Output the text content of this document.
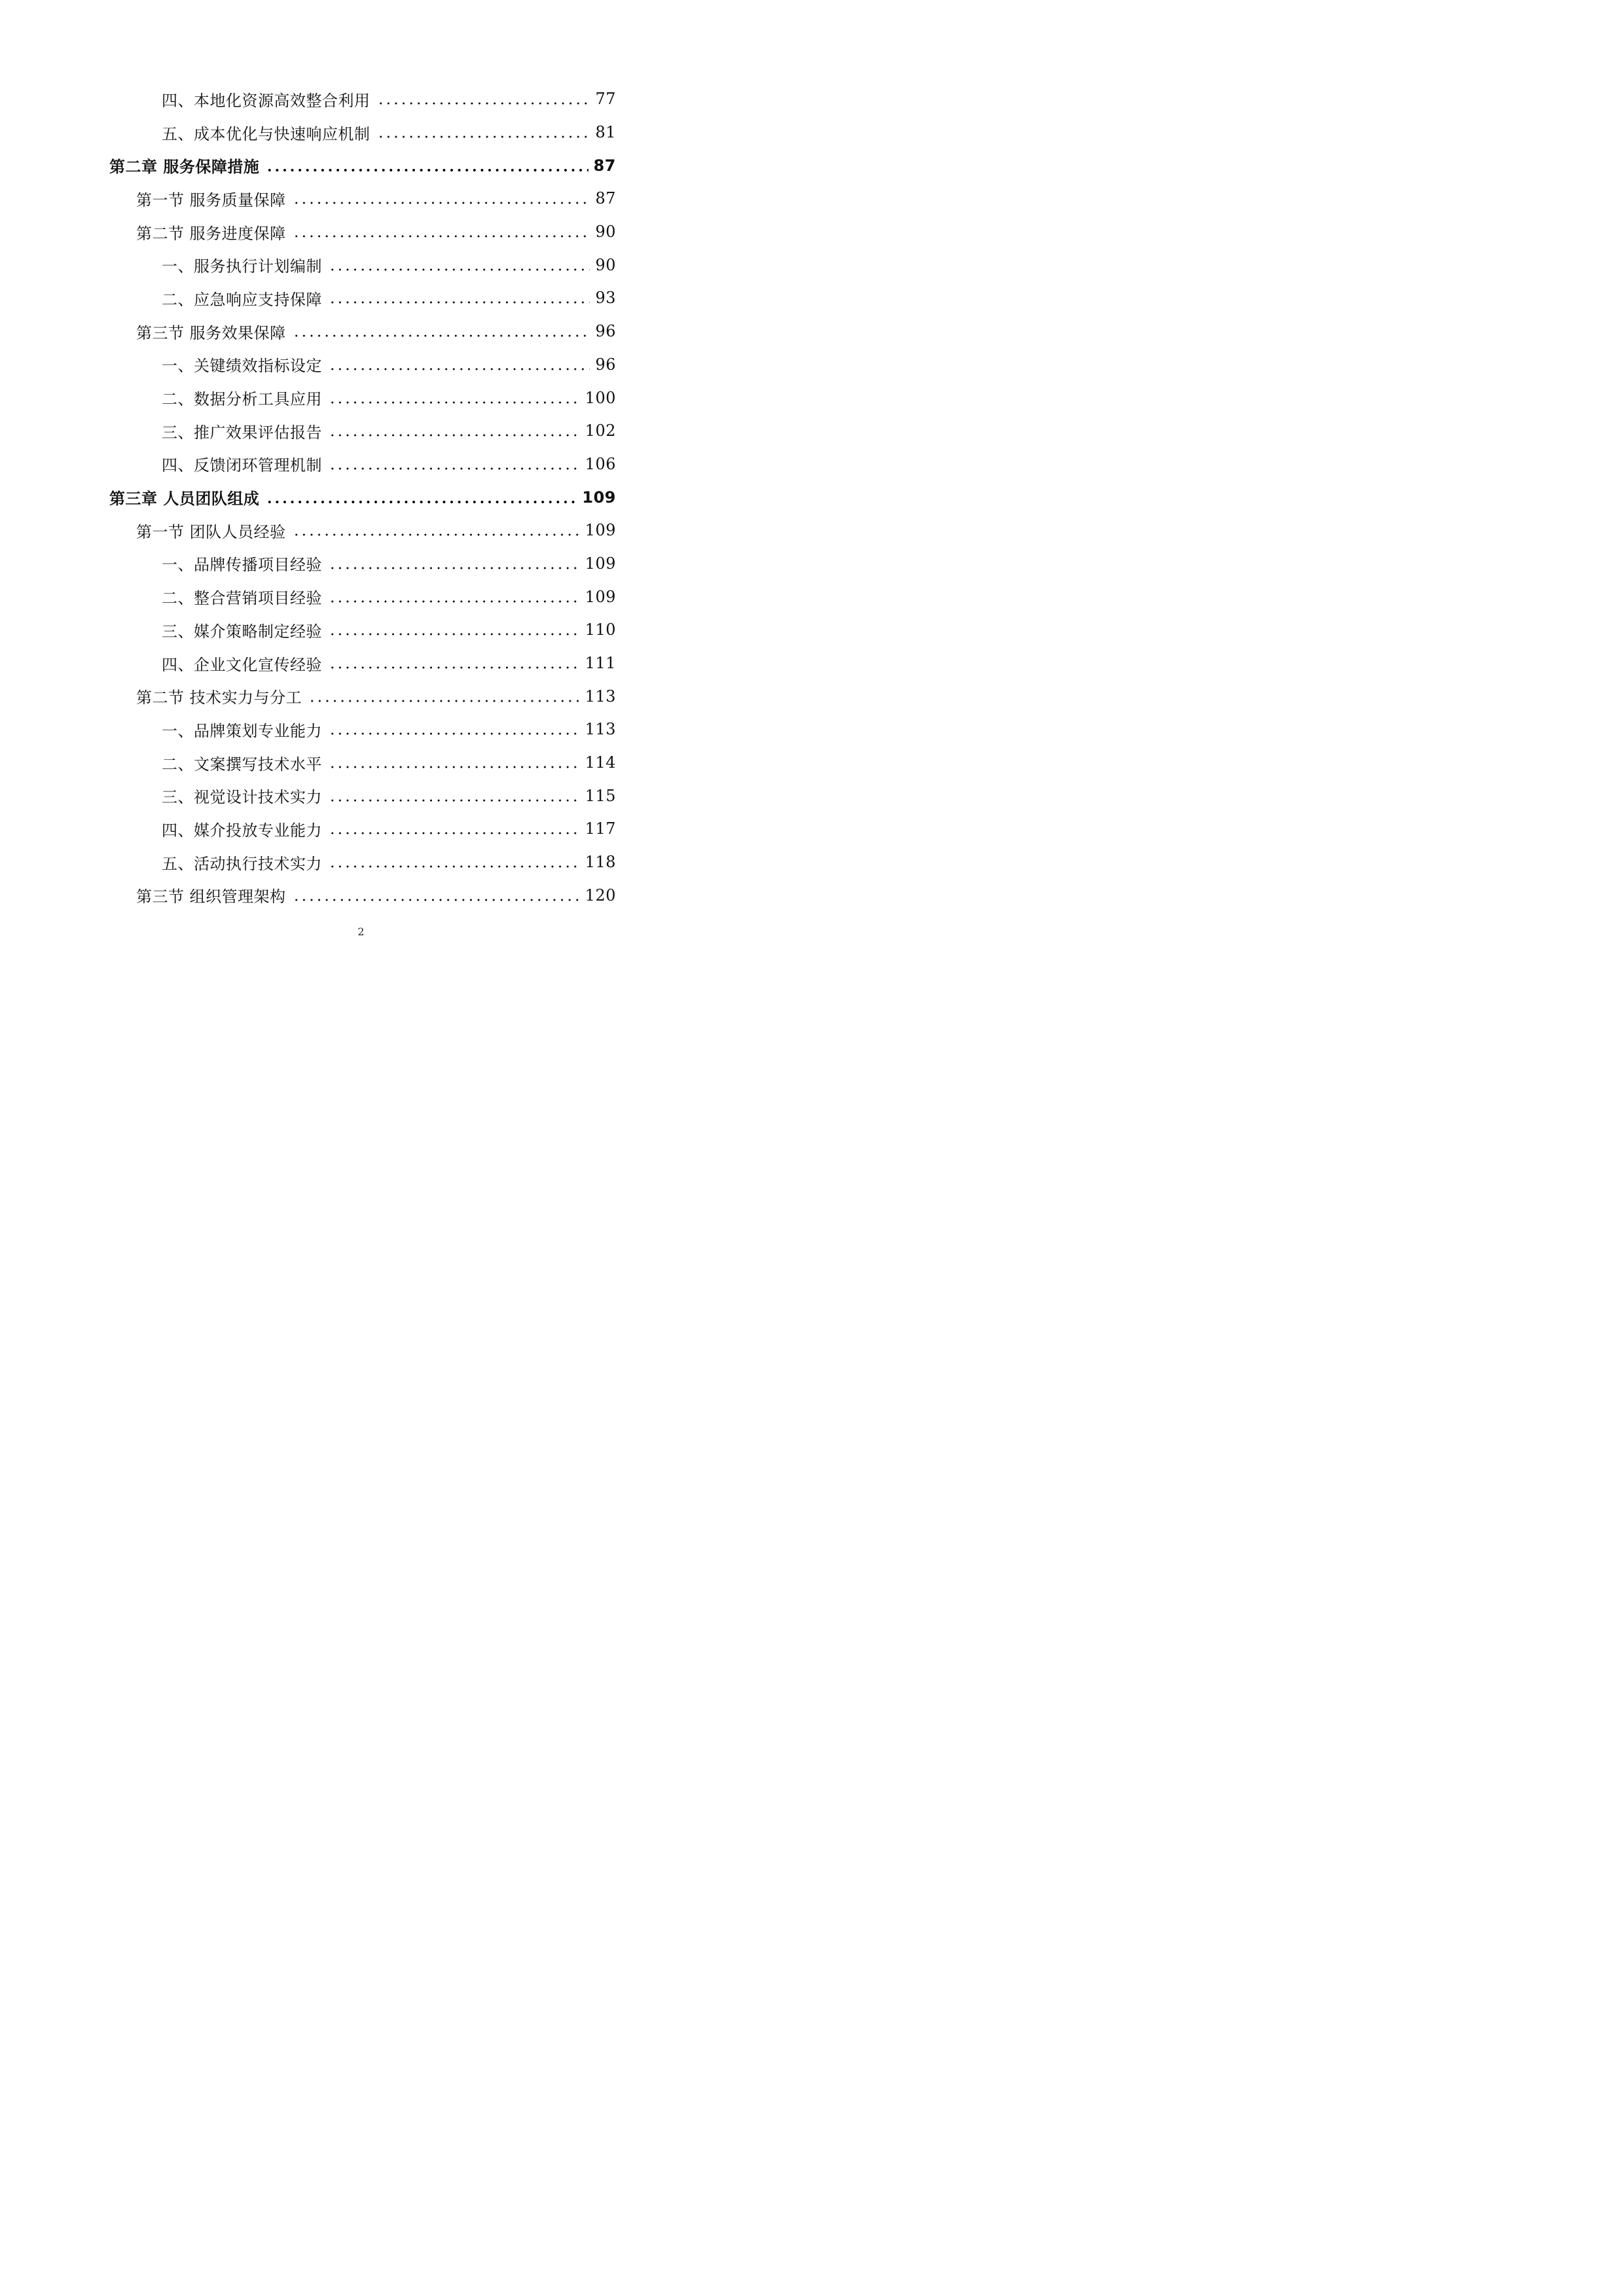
四、本地化资源高效整合利用	77
五、成本优化与快速响应机制	81
第二章 服务保障措施	87
第一节 服务质量保障	87
第二节 服务进度保障	90
一、服务执行计划编制	90
二、应急响应支持保障	93
第三节 服务效果保障	96
一、关键绩效指标设定	96
二、数据分析工具应用	100
三、推广效果评估报告	102
四、反馈闭环管理机制	106
第三章 人员团队组成	109
第一节 团队人员经验	109
一、品牌传播项目经验	109
二、整合营销项目经验	109
三、媒介策略制定经验	110
四、企业文化宣传经验	111
第二节 技术实力与分工	113
一、品牌策划专业能力	113
二、文案撰写技术水平	114
三、视觉设计技术实力	115
四、媒介投放专业能力	117
五、活动执行技术实力	118
第三节 组织管理架构	120
2
